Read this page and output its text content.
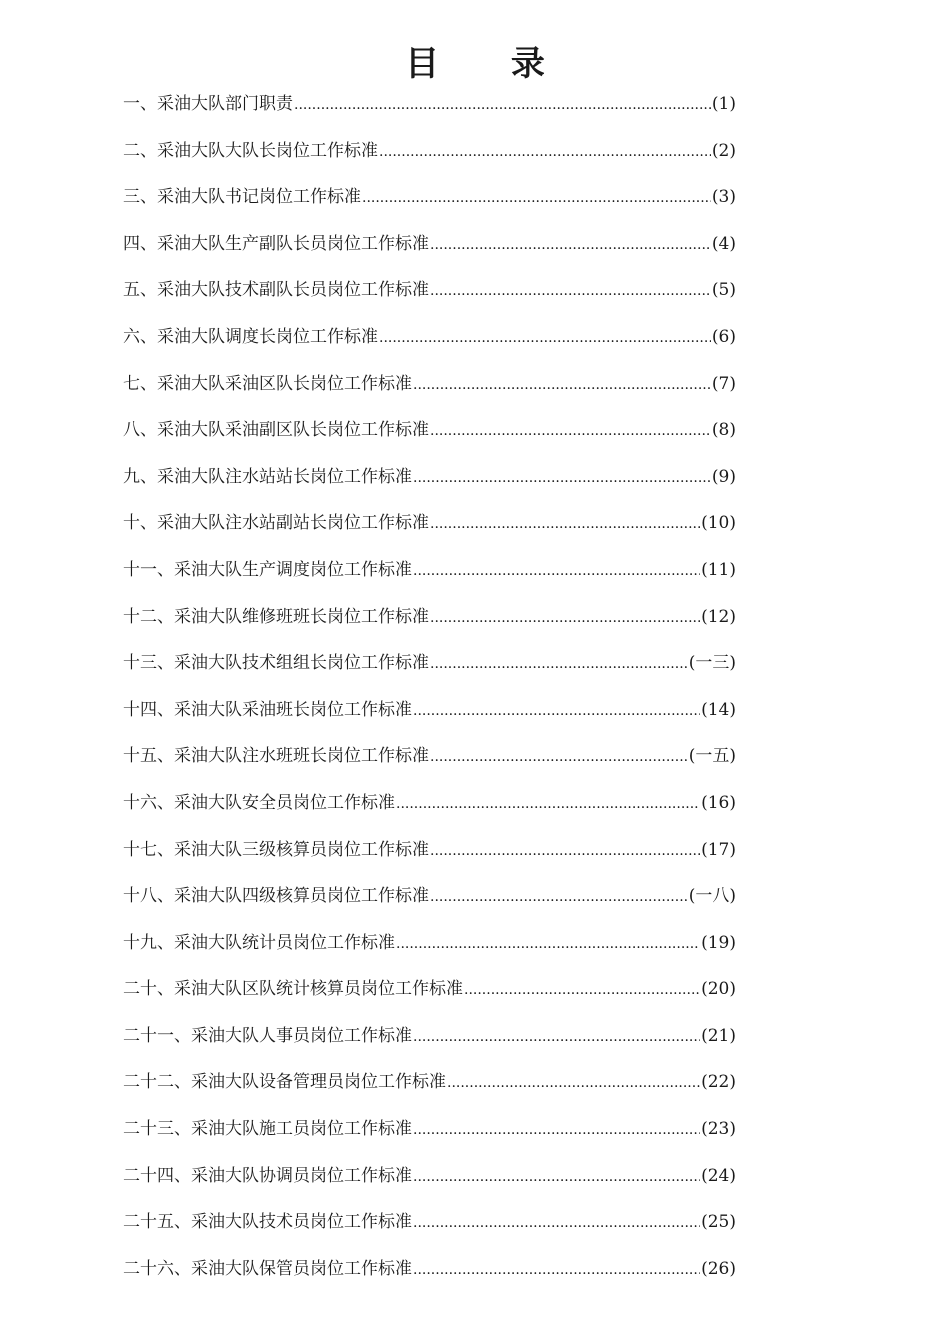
目 录
一、采油大队部门职责 .....	(1)
二、采油大队大队长岗位工作标准 .....	(2)
三、采油大队书记岗位工作标准 .....	(3)
四、采油大队生产副队长员岗位工作标准 .....	(4)
五、采油大队技术副队长员岗位工作标准 .....	(5)
六、采油大队调度长岗位工作标准 .....	(6)
七、采油大队采油区队长岗位工作标准 .....	(7)
八、采油大队采油副区队长岗位工作标准 .....	(8)
九、采油大队注水站站长岗位工作标准 .....	(9)
十、采油大队注水站副站长岗位工作标准 .....	(10)
十一、采油大队生产调度岗位工作标准 .....	(11)
十二、采油大队维修班班长岗位工作标准 .....	(12)
十三、采油大队技术组组长岗位工作标准 .....	(一三)
十四、采油大队采油班长岗位工作标准 .....	(14)
十五、采油大队注水班班长岗位工作标准 .....	(一五)
十六、采油大队安全员岗位工作标准 .....	(16)
十七、采油大队三级核算员岗位工作标准 .....	(17)
十八、采油大队四级核算员岗位工作标准 .....	(一八)
十九、采油大队统计员岗位工作标准 .....	(19)
二十、采油大队区队统计核算员岗位工作标准 .....	(20)
二十一、采油大队人事员岗位工作标准 .....	(21)
二十二、采油大队设备管理员岗位工作标准 .....	(22)
二十三、采油大队施工员岗位工作标准 .....	(23)
二十四、采油大队协调员岗位工作标准 .....	(24)
二十五、采油大队技术员岗位工作标准 .....	(25)
二十六、采油大队保管员岗位工作标准 .....	(26)
